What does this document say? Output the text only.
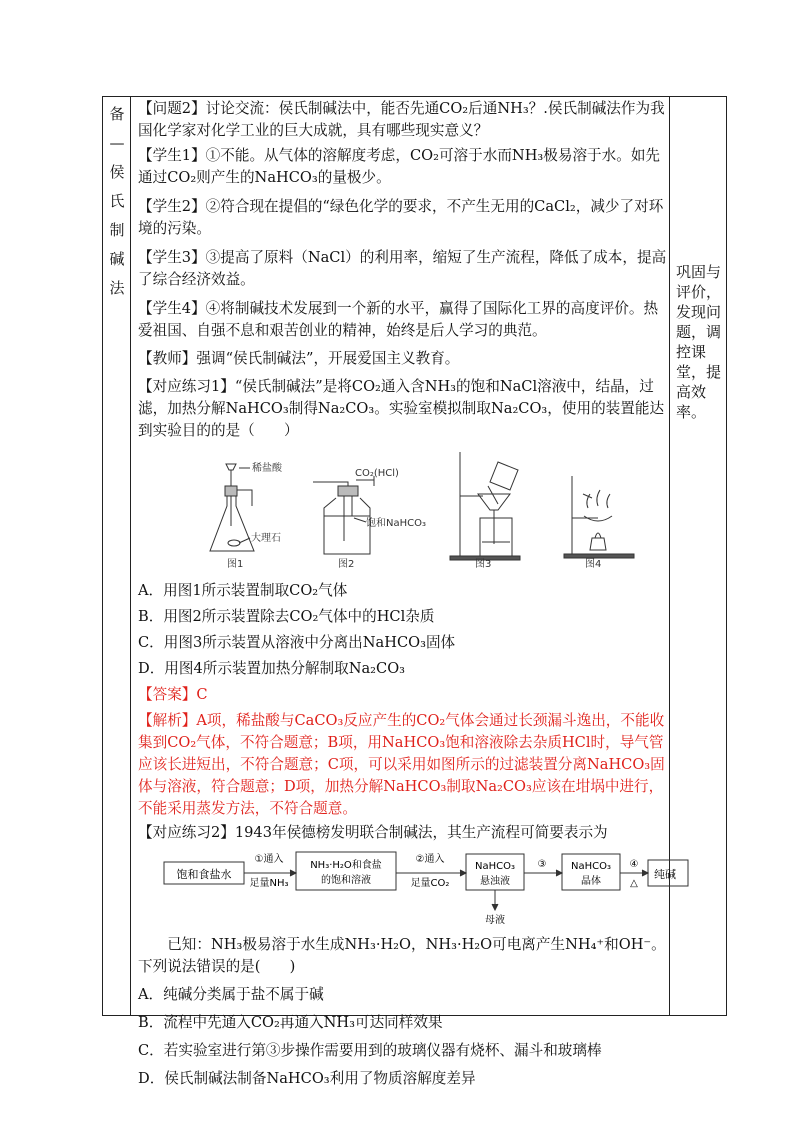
备—侯氏制碱法
巩固与评价，发现问题，调控课堂，提高效率。

【问题2】讨论交流：侯氏制碱法中，能否先通CO₂后通NH₃？.侯氏制碱法作为我国化学家对化学工业的巨大成就，具有哪些现实意义？

【学生1】①不能。从气体的溶解度考虑，CO₂可溶于水而NH₃极易溶于水。如先通过CO₂则产生的NaHCO₃的量极少。

【学生2】②符合现在提倡的“绿色化学的要求，不产生无用的CaCl₂，减少了对环境的污染。

【学生3】③提高了原料（NaCl）的利用率，缩短了生产流程，降低了成本，提高了综合经济效益。

【学生4】④将制碱技术发展到一个新的水平，赢得了国际化工界的高度评价。热爱祖国、自强不息和艰苦创业的精神，始终是后人学习的典范。

【教师】强调“侯氏制碱法”，开展爱国主义教育。

【对应练习1】“侯氏制碱法”是将CO₂通入含NH₃的饱和NaCl溶液中，结晶，过滤，加热分解NaHCO₃制得Na₂CO₃。实验室模拟制取Na₂CO₃，使用的装置能达到实验目的的是（　　）

稀盐酸
大理石
图1
CO₂(HCl)
饱和NaHCO₃
图2	图3	图4

A．用图1所示装置制取CO₂气体

B．用图2所示装置除去CO₂气体中的HCl杂质

C．用图3所示装置从溶液中分离出NaHCO₃固体

D．用图4所示装置加热分解制取Na₂CO₃

【答案】C

【解析】A项，稀盐酸与CaCO₃反应产生的CO₂气体会通过长颈漏斗逸出，不能收集到CO₂气体，不符合题意；B项，用NaHCO₃饱和溶液除去杂质HCl时，导气管应该长进短出，不符合题意；C项，可以采用如图所示的过滤装置分离NaHCO₃固体与溶液，符合题意；D项，加热分解NaHCO₃制取Na₂CO₃应该在坩埚中进行，不能采用蒸发方法，不符合题意。

【对应练习2】1943年侯德榜发明联合制碱法，其生产流程可简要表示为

饱和食盐水
①通入
足量NH₃
NH₃·H₂O和食盐
的饱和溶液
②通入
足量CO₂
NaHCO₃
悬浊液
③ NaHCO₃
晶体
④
△
纯碱
母液

已知：NH₃极易溶于水生成NH₃·H₂O，NH₃·H₂O可电离产生NH₄⁺和OH⁻。下列说法错误的是(　　)

A．纯碱分类属于盐不属于碱

B．流程中先通入CO₂再通入NH₃可达同样效果

C．若实验室进行第③步操作需要用到的玻璃仪器有烧杯、漏斗和玻璃棒

D．侯氏制碱法制备NaHCO₃利用了物质溶解度差异
